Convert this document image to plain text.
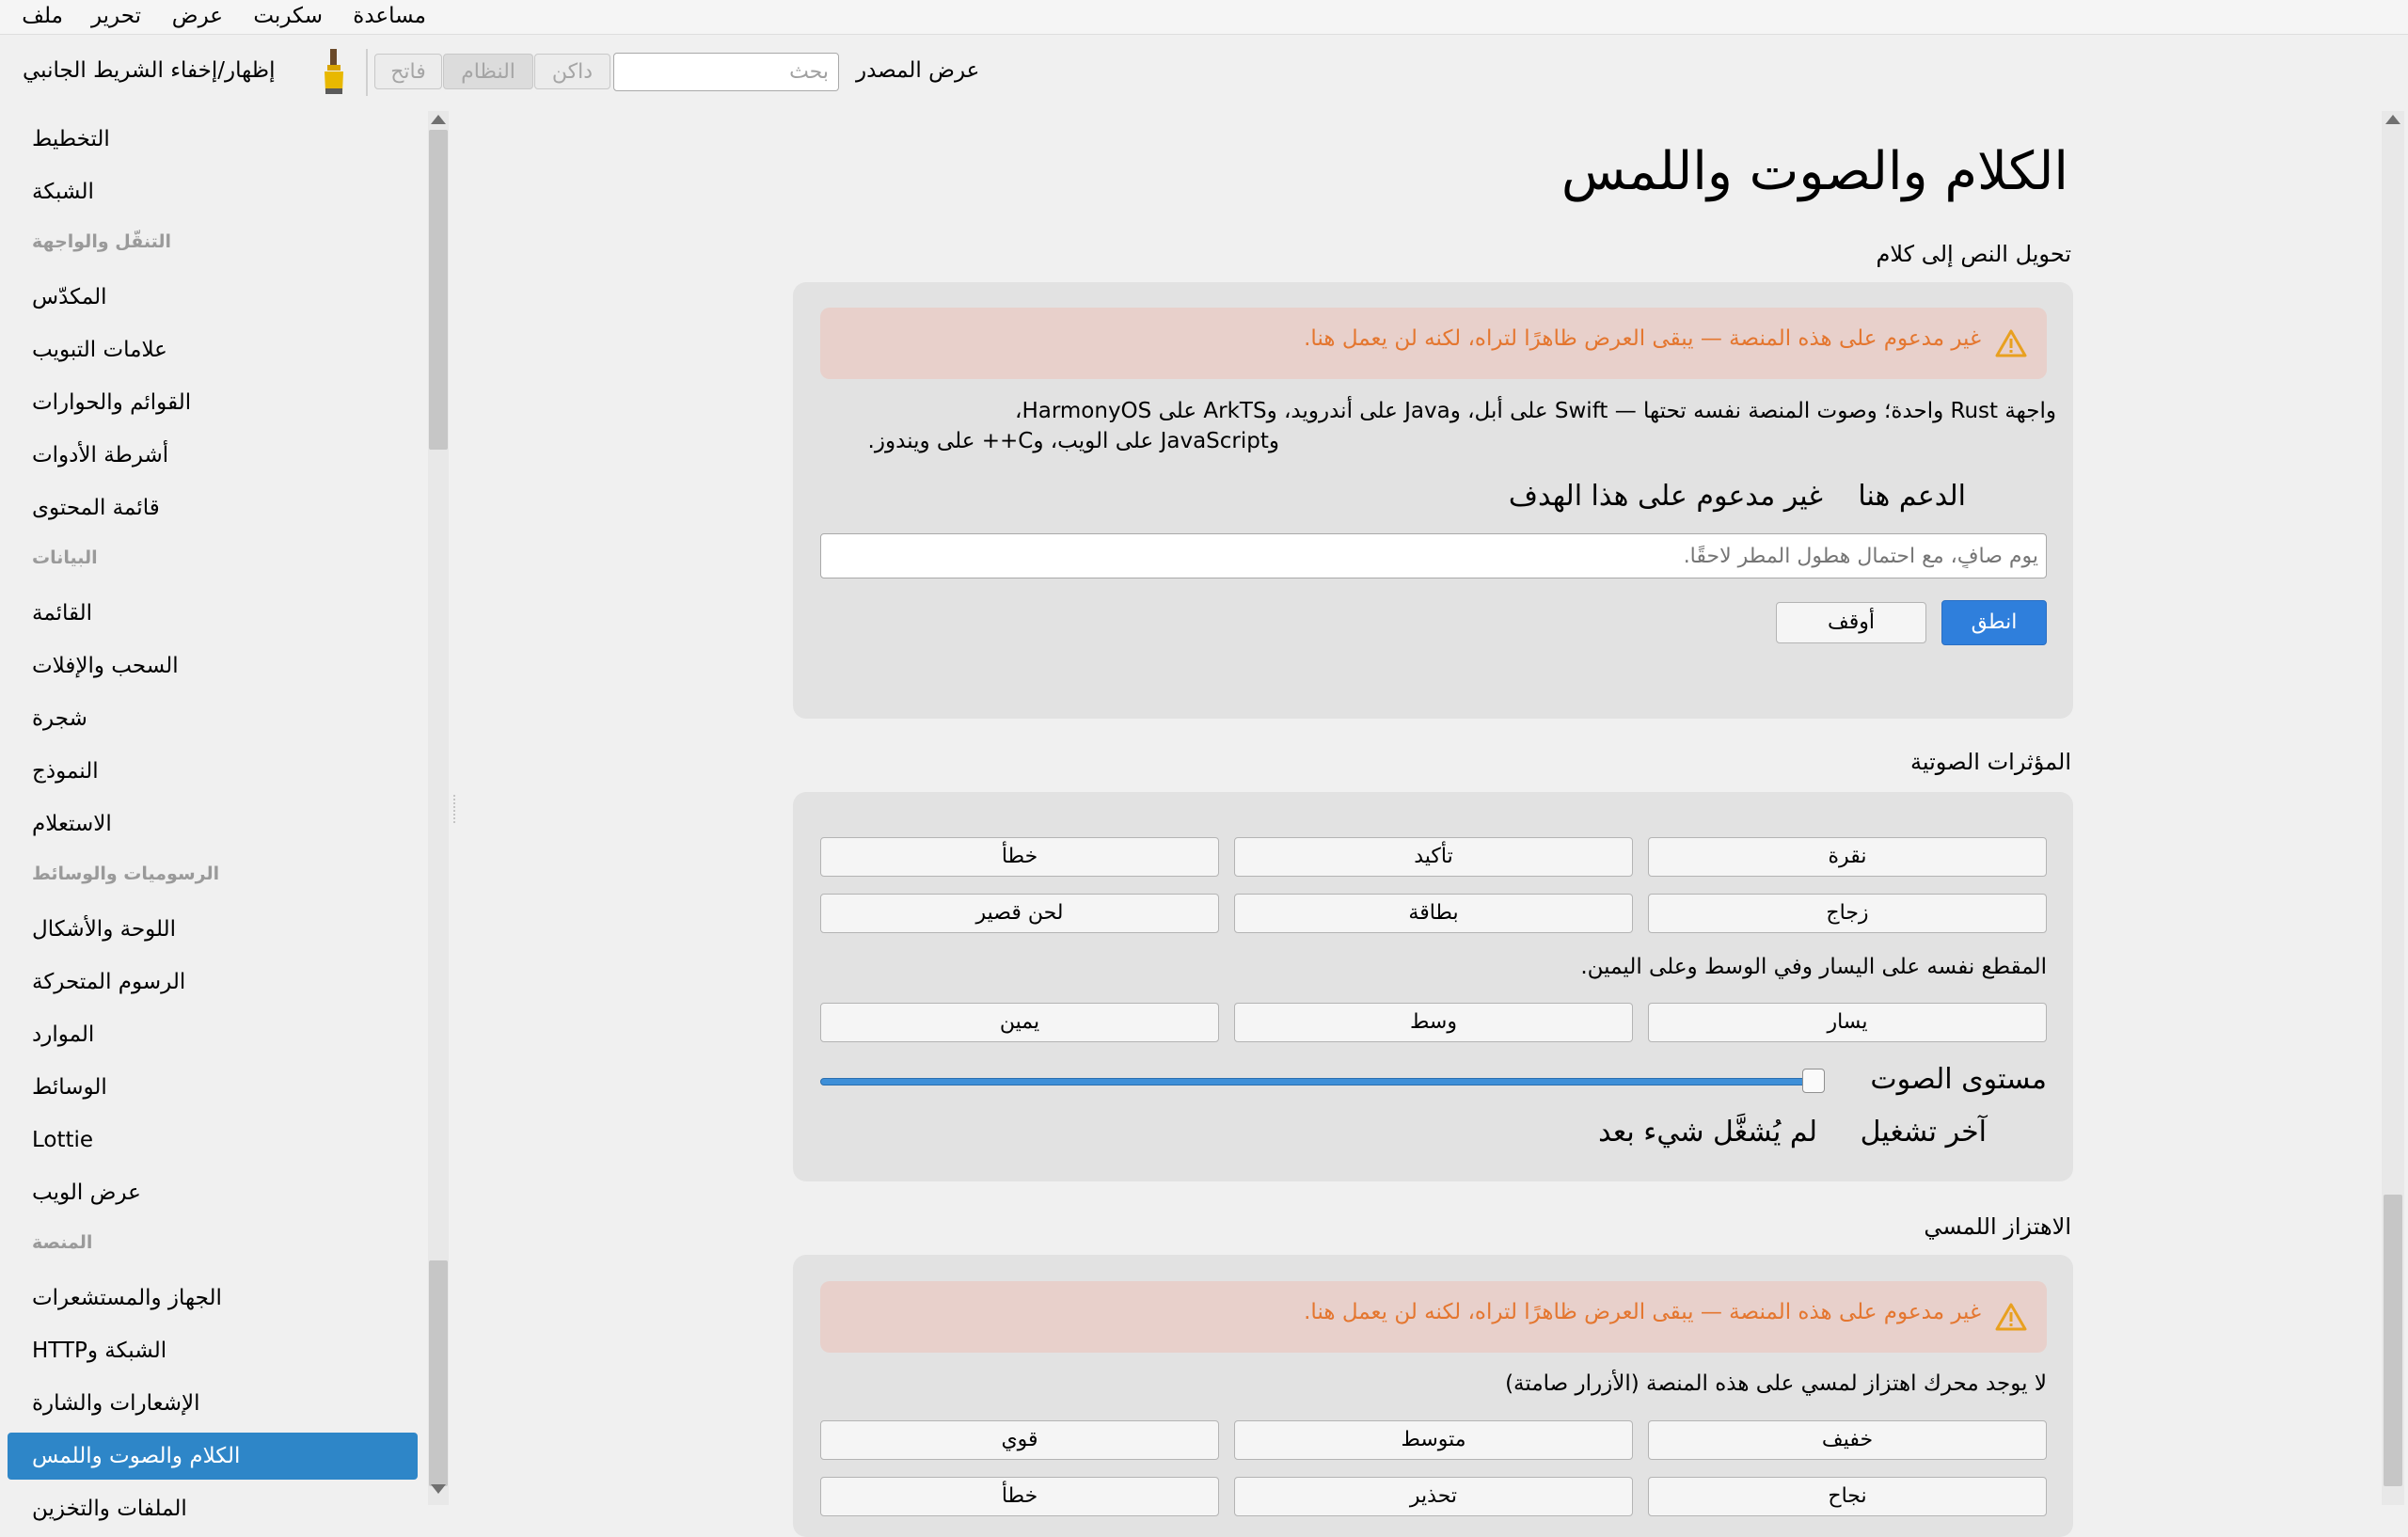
ملف تحرير عرض سكربت مساعدة
إظهار/إخفاء الشريط الجانبي	فاتح	النظام	داكن
بحث	عرض المصدر
التخطيط
الشبكة
التنقّل والواجهة
المكدّس
علامات التبويب
القوائم والحوارات
أشرطة الأدوات
قائمة المحتوى
البيانات
القائمة
السحب والإفلات
شجرة
النموذج
الاستعلام
الرسوميات والوسائط
اللوحة والأشكال
الرسوم المتحركة
الموارد
الوسائط
Lottie
عرض الويب
المنصة
الجهاز والمستشعرات
الشبكة وHTTP
الإشعارات والشارة
الكلام والصوت واللمس
الملفات والتخزين
الكلام والصوت واللمس
تحويل النص إلى كلام
غير مدعوم على هذه المنصة — يبقى العرض ظاهرًا لتراه، لكنه لن يعمل هنا.
واجهة Rust واحدة؛ وصوت المنصة نفسه تحتها — Swift على أبل، وJava على أندرويد، وArkTS على HarmonyOS،
وJavaScript على الويب، وC++ على ويندوز.
الدعم هنا
غير مدعوم على هذا الهدف
يوم صافٍ، مع احتمال هطول المطر لاحقًا.
انطق
أوقف
المؤثرات الصوتية
نقرة
تأكيد
خطأ
زجاج
بطاقة
لحن قصير
المقطع نفسه على اليسار وفي الوسط وعلى اليمين.
يسار
وسط
يمين
مستوى الصوت
آخر تشغيل
لم يُشغَّل شيء بعد
الاهتزاز اللمسي
غير مدعوم على هذه المنصة — يبقى العرض ظاهرًا لتراه، لكنه لن يعمل هنا.
لا يوجد محرك اهتزاز لمسي على هذه المنصة (الأزرار صامتة)
خفيف
متوسط
قوي
نجاح
تحذير
خطأ
